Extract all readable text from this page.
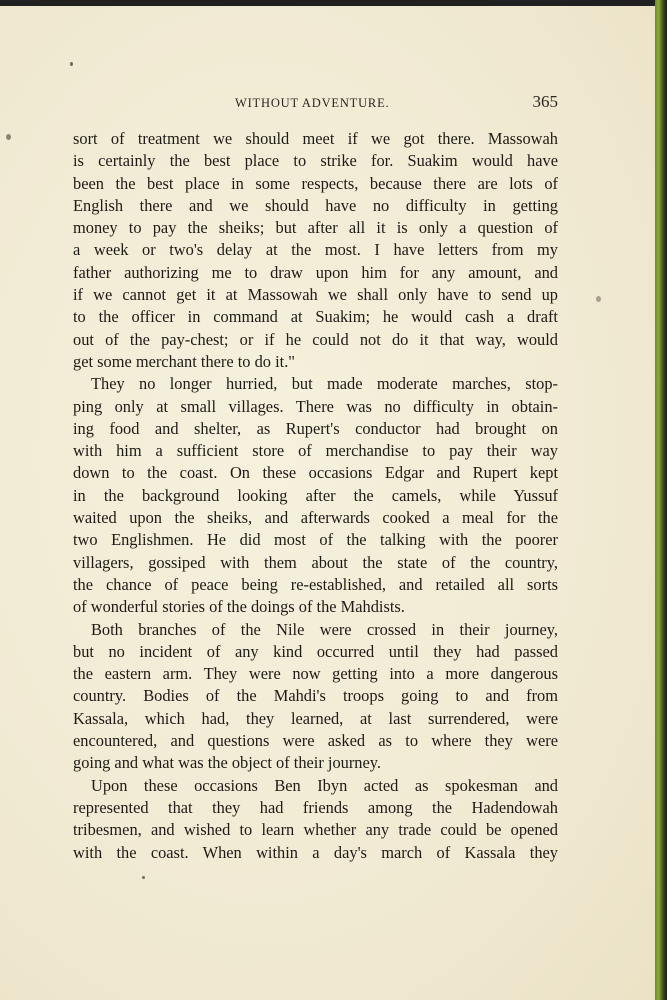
WITHOUT ADVENTURE.	365
sort of treatment we should meet if we got there. Massowah
is certainly the best place to strike for. Suakim would have
been the best place in some respects, because there are lots of
English there and we should have no difficulty in getting
money to pay the sheiks; but after all it is only a question of
a week or two's delay at the most. I have letters from my
father authorizing me to draw upon him for any amount, and
if we cannot get it at Massowah we shall only have to send up
to the officer in command at Suakim; he would cash a draft
out of the pay-chest; or if he could not do it that way, would
get some merchant there to do it."
They no longer hurried, but made moderate marches, stop-
ping only at small villages. There was no difficulty in obtain-
ing food and shelter, as Rupert's conductor had brought on
with him a sufficient store of merchandise to pay their way
down to the coast. On these occasions Edgar and Rupert kept
in the background looking after the camels, while Yussuf
waited upon the sheiks, and afterwards cooked a meal for the
two Englishmen. He did most of the talking with the poorer
villagers, gossiped with them about the state of the country,
the chance of peace being re-established, and retailed all sorts
of wonderful stories of the doings of the Mahdists.
Both branches of the Nile were crossed in their journey,
but no incident of any kind occurred until they had passed
the eastern arm. They were now getting into a more dangerous
country. Bodies of the Mahdi's troops going to and from
Kassala, which had, they learned, at last surrendered, were
encountered, and questions were asked as to where they were
going and what was the object of their journey.
Upon these occasions Ben Ibyn acted as spokesman and
represented that they had friends among the Hadendowah
tribesmen, and wished to learn whether any trade could be opened
with the coast. When within a day's march of Kassala they
